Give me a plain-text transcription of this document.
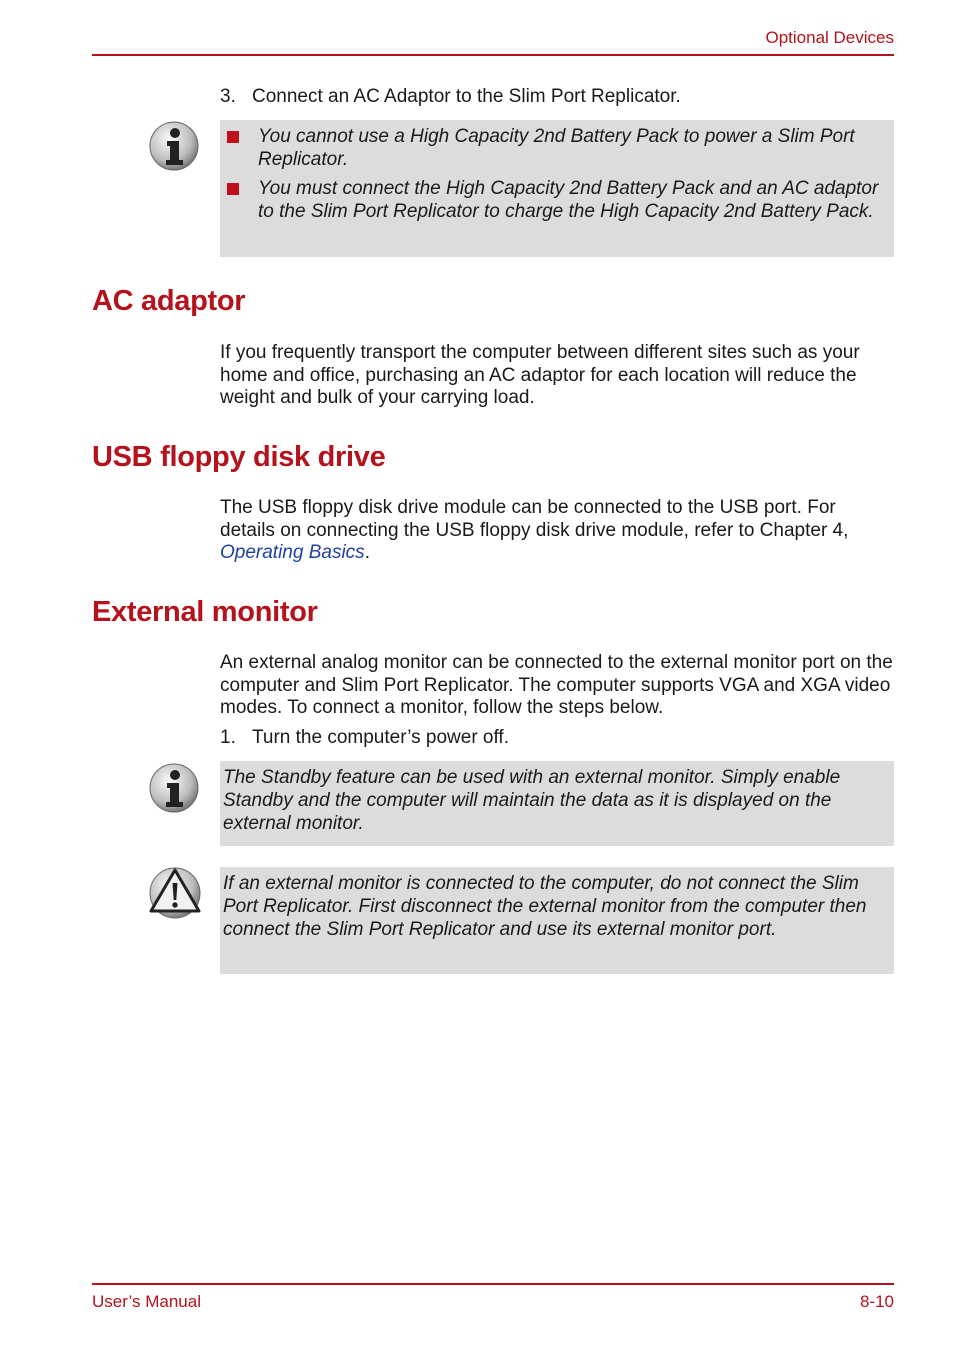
Optional Devices
3. Connect an AC Adaptor to the Slim Port Replicator.
You cannot use a High Capacity 2nd Battery Pack to power a Slim Port Replicator.
You must connect the High Capacity 2nd Battery Pack and an AC adaptor to the Slim Port Replicator to charge the High Capacity 2nd Battery Pack.
AC adaptor
If you frequently transport the computer between different sites such as your home and office, purchasing an AC adaptor for each location will reduce the weight and bulk of your carrying load.
USB floppy disk drive
The USB floppy disk drive module can be connected to the USB port. For details on connecting the USB floppy disk drive module, refer to Chapter 4, Operating Basics.
External monitor
An external analog monitor can be connected to the external monitor port on the computer and Slim Port Replicator. The computer supports VGA and XGA video modes. To connect a monitor, follow the steps below.
1. Turn the computer’s power off.
The Standby feature can be used with an external monitor. Simply enable Standby and the computer will maintain the data as it is displayed on the external monitor.
If an external monitor is connected to the computer, do not connect the Slim Port Replicator. First disconnect the external monitor from the computer then connect the Slim Port Replicator and use its external monitor port.
User’s Manual	8-10
